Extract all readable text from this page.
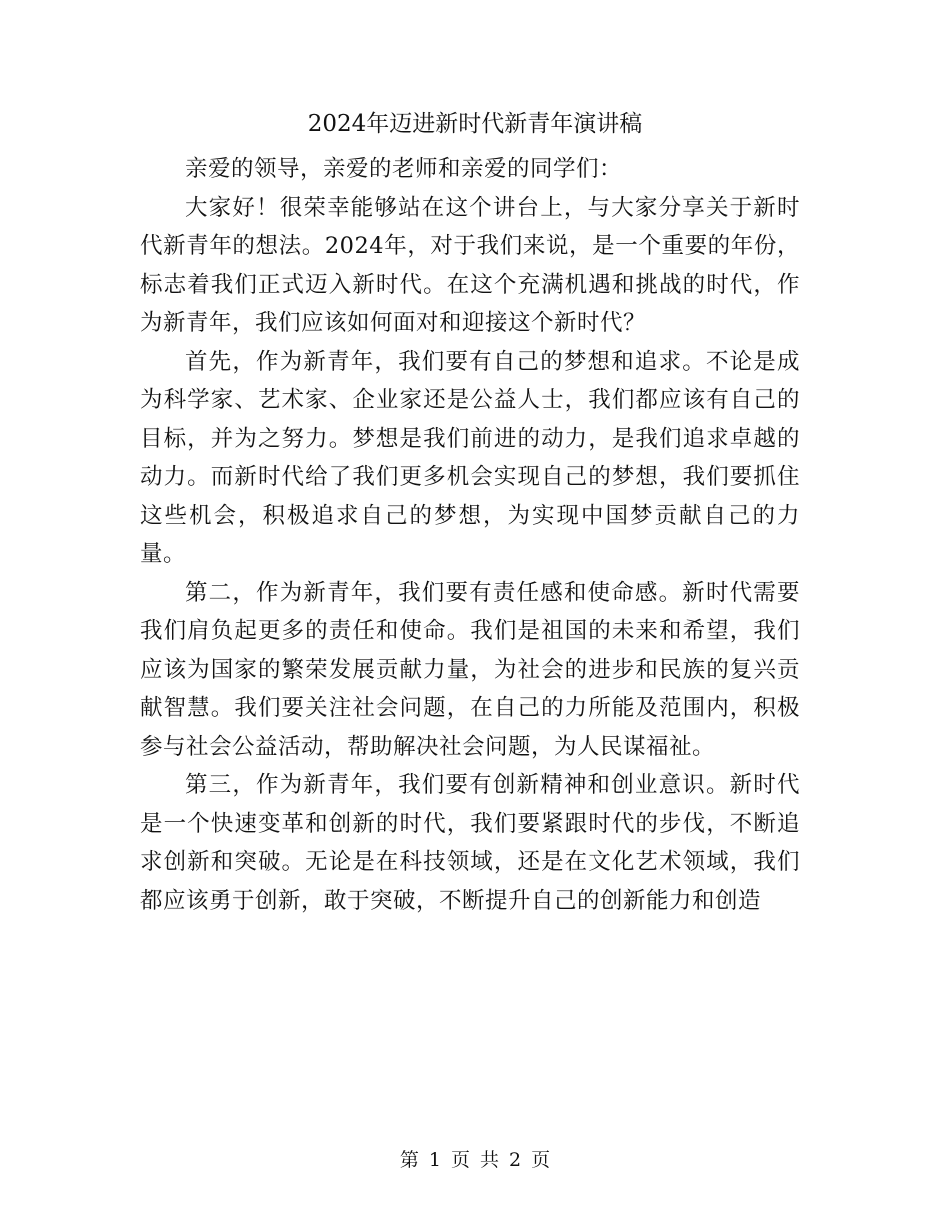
2024年迈进新时代新青年演讲稿

亲爱的领导，亲爱的老师和亲爱的同学们：

大家好！很荣幸能够站在这个讲台上，与大家分享关于新时代新青年的想法。2024年，对于我们来说，是一个重要的年份，标志着我们正式迈入新时代。在这个充满机遇和挑战的时代，作为新青年，我们应该如何面对和迎接这个新时代？

首先，作为新青年，我们要有自己的梦想和追求。不论是成为科学家、艺术家、企业家还是公益人士，我们都应该有自己的目标，并为之努力。梦想是我们前进的动力，是我们追求卓越的动力。而新时代给了我们更多机会实现自己的梦想，我们要抓住这些机会，积极追求自己的梦想，为实现中国梦贡献自己的力量。

第二，作为新青年，我们要有责任感和使命感。新时代需要我们肩负起更多的责任和使命。我们是祖国的未来和希望，我们应该为国家的繁荣发展贡献力量，为社会的进步和民族的复兴贡献智慧。我们要关注社会问题，在自己的力所能及范围内，积极参与社会公益活动，帮助解决社会问题，为人民谋福祉。

第三，作为新青年，我们要有创新精神和创业意识。新时代是一个快速变革和创新的时代，我们要紧跟时代的步伐，不断追求创新和突破。无论是在科技领域，还是在文化艺术领域，我们都应该勇于创新，敢于突破，不断提升自己的创新能力和创造

第 1 页 共 2 页
